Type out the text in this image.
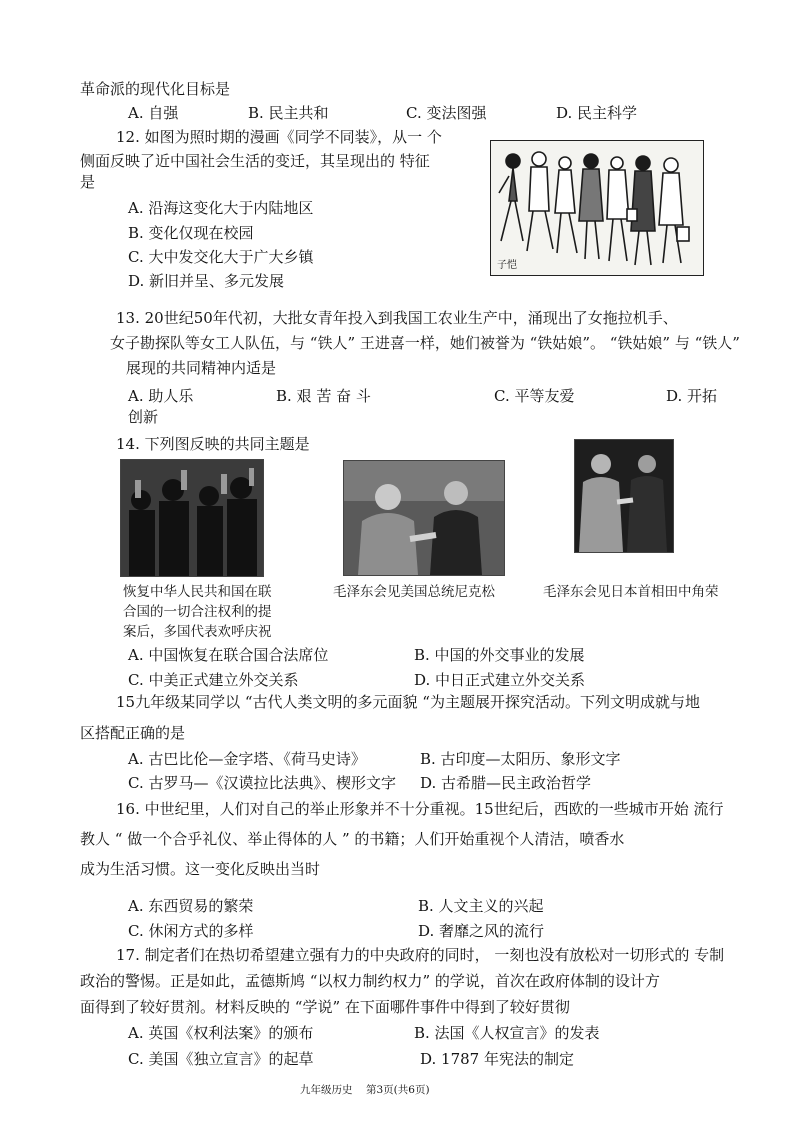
革命派的现代化目标是
A. 自强	B. 民主共和	C. 变法图强	D. 民主科学
12. 如图为照时期的漫画《同学不同装》，从一 个
侧面反映了近中国社会生活的变迁，其呈现出的 特征
是
A. 沿海这变化大于内陆地区
B. 变化仅现在校园
C. 大中发交化大于广大乡镇
D. 新旧并呈、多元发展
子恺
13. 20世纪50年代初，大批女青年投入到我国工农业生产中，涌现出了女拖拉机手、
女子勘探队等女工人队伍，与 “铁人” 王进喜一样，她们被誉为 “铁姑娘”。 “铁姑娘” 与 “铁人”
展现的共同精神内适是
A. 助人乐	B. 艰 苦 奋 斗	C. 平等友爱	D. 开拓
创新
14. 下列图反映的共同主题是
恢复中华人民共和国在联
合国的一切合注权利的提
案后，多国代表欢呼庆祝
毛泽东会见美国总统尼克松	毛泽东会见日本首相田中角荣
A. 中国恢复在联合国合法席位	B. 中国的外交事业的发展
C. 中美正式建立外交关系	D. 中日正式建立外交关系
15九年级某同学以 “古代人类文明的多元面貌 “为主题展开探究活动。下列文明成就与地
区搭配正确的是
A. 古巴比伦—金字塔、《荷马史诗》	B. 古印度—太阳历、象形文字
C. 古罗马—《汉谟拉比法典》、楔形文字 D. 古希腊—民主政治哲学
16. 中世纪里，人们对自己的举止形象并不十分重视。15世纪后，西欧的一些城市开始 流行
教人 “ 做一个合乎礼仪、举止得体的人 ” 的书籍；人们开始重视个人清洁，喷香水
成为生活习惯。这一变化反映出当时
A. 东西贸易的繁荣	B. 人文主义的兴起
C. 休闲方式的多样	D. 奢靡之风的流行
17. 制定者们在热切希望建立强有力的中央政府的同时， 一刻也没有放松对一切形式的 专制
政治的警惕。正是如此，孟德斯鸠 “以权力制约权力” 的学说，首次在政府体制的设计方
面得到了较好贯剂。材料反映的 “学说” 在下面哪件事件中得到了较好贯彻
A. 英国《权利法案》的颁布	B. 法国《人权宣言》的发表
C. 美国《独立宣言》的起草	D. 1787 年宪法的制定
九年级历史 第3页(共6页)
